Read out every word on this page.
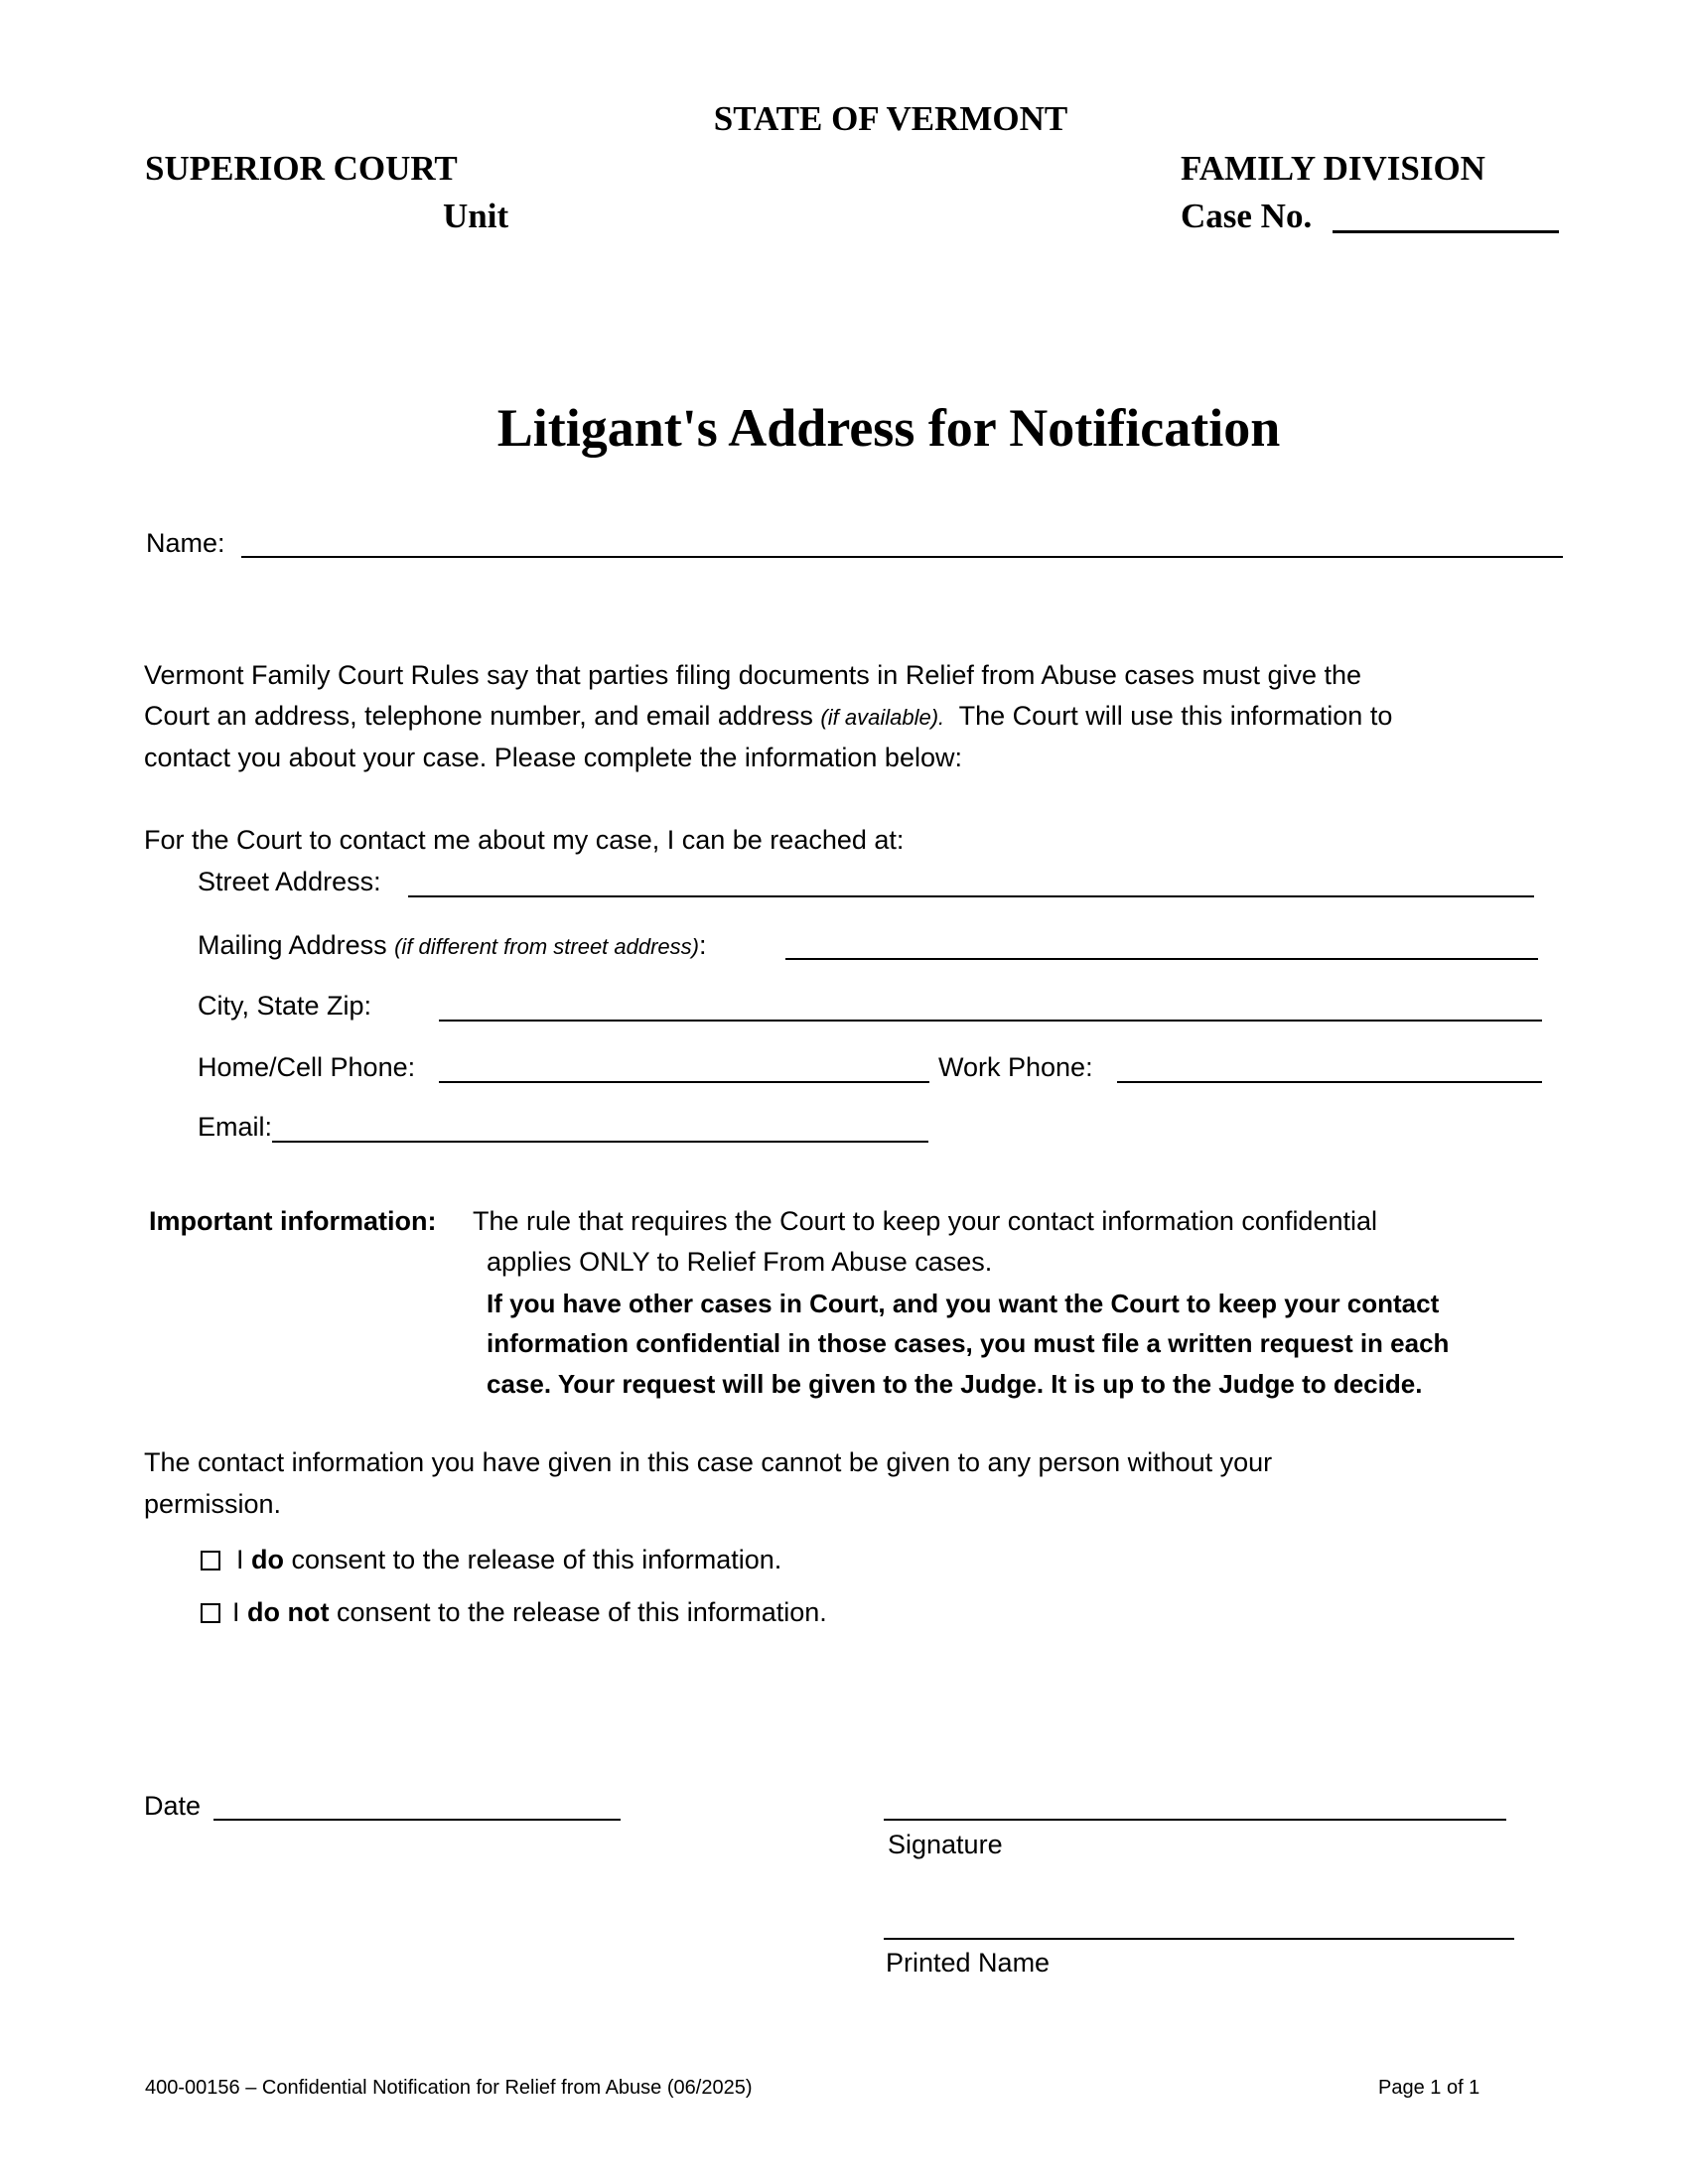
STATE OF VERMONT
SUPERIOR COURT
Unit
FAMILY DIVISION
Case No.
Litigant's Address for Notification
Name:
Vermont Family Court Rules say that parties filing documents in Relief from Abuse cases must give the
Court an address, telephone number, and email address (if available).  The Court will use this information to
contact you about your case. Please complete the information below:
For the Court to contact me about my case, I can be reached at:
Street Address:
Mailing Address (if different from street address):
City, State Zip:
Home/Cell Phone:	Work Phone:
Email:
Important information: The rule that requires the Court to keep your contact information confidential
applies ONLY to Relief From Abuse cases.
If you have other cases in Court, and you want the Court to keep your contact
information confidential in those cases, you must file a written request in each
case. Your request will be given to the Judge. It is up to the Judge to decide.
The contact information you have given in this case cannot be given to any person without your
permission.
I do consent to the release of this information.
I do not consent to the release of this information.
Date
Signature
Printed Name
400-00156 – Confidential Notification for Relief from Abuse (06/2025)	Page 1 of 1
